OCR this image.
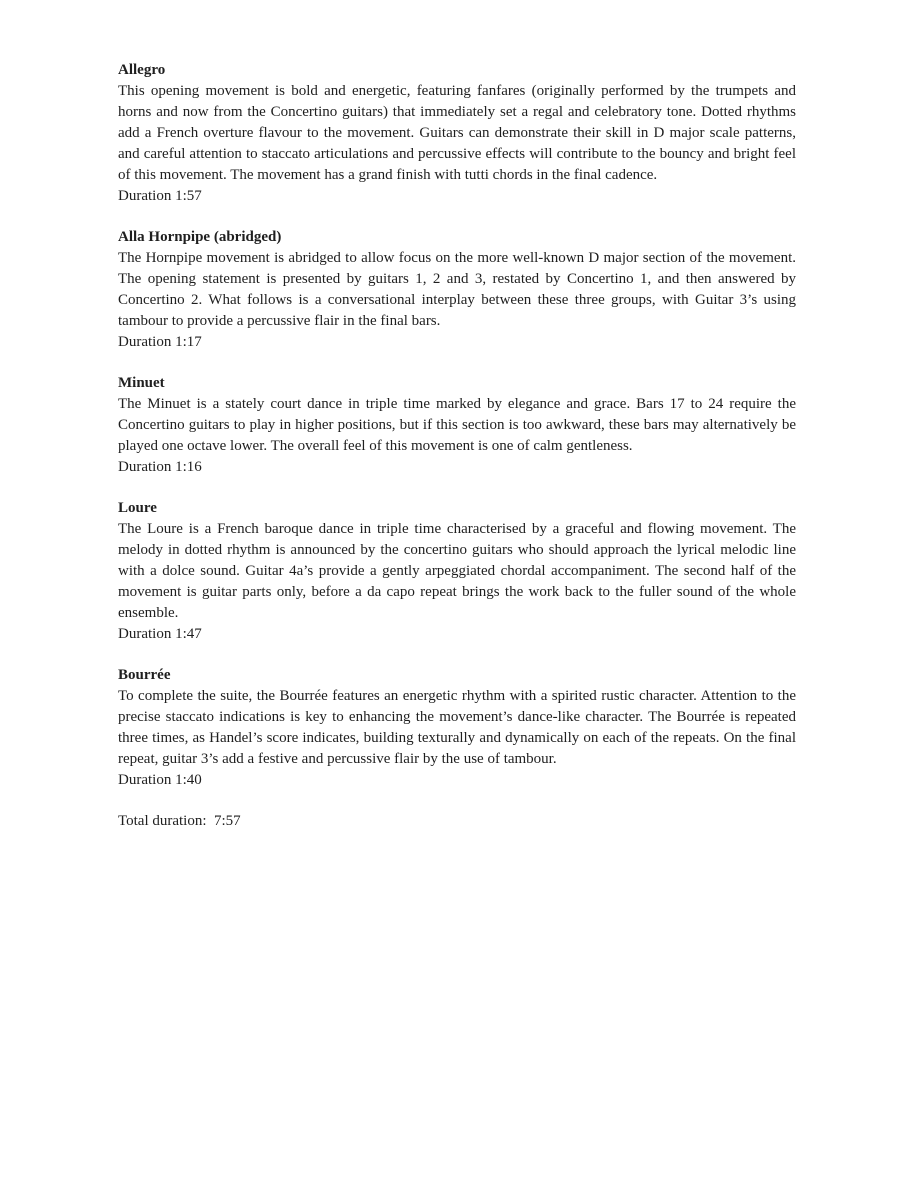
Allegro

This opening movement is bold and energetic, featuring fanfares (originally performed by the trumpets and horns and now from the Concertino guitars) that immediately set a regal and celebratory tone. Dotted rhythms add a French overture flavour to the movement. Guitars can demonstrate their skill in D major scale patterns, and careful attention to staccato articulations and percussive effects will contribute to the bouncy and bright feel of this movement. The movement has a grand finish with tutti chords in the final cadence.

Duration 1:57

Alla Hornpipe (abridged)

The Hornpipe movement is abridged to allow focus on the more well-known D major section of the movement. The opening statement is presented by guitars 1, 2 and 3, restated by Concertino 1, and then answered by Concertino 2. What follows is a conversational interplay between these three groups, with Guitar 3’s using tambour to provide a percussive flair in the final bars.

Duration 1:17

Minuet

The Minuet is a stately court dance in triple time marked by elegance and grace. Bars 17 to 24 require the Concertino guitars to play in higher positions, but if this section is too awkward, these bars may alternatively be played one octave lower. The overall feel of this movement is one of calm gentleness.

Duration 1:16

Loure

The Loure is a French baroque dance in triple time characterised by a graceful and flowing movement. The melody in dotted rhythm is announced by the concertino guitars who should approach the lyrical melodic line with a dolce sound. Guitar 4a’s provide a gently arpeggiated chordal accompaniment. The second half of the movement is guitar parts only, before a da capo repeat brings the work back to the fuller sound of the whole ensemble.

Duration 1:47

Bourrée

To complete the suite, the Bourrée features an energetic rhythm with a spirited rustic character. Attention to the precise staccato indications is key to enhancing the movement’s dance-like character. The Bourrée is repeated three times, as Handel’s score indicates, building texturally and dynamically on each of the repeats. On the final repeat, guitar 3’s add a festive and percussive flair by the use of tambour.

Duration 1:40

Total duration:  7:57
